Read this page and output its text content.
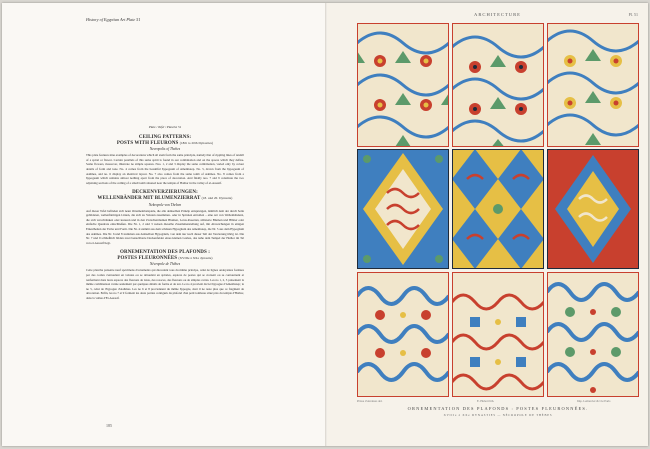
History of Egyptian Art Plate 51
Plate / Tafel / Planche 51
CEILING PATTERNS:
POSTS WITH FLEURONS (18th to 20th Dynasties)
Necropolis of Thebes
This plate features nine examples of decorations which all stem from the same principle, namely that of rippling lines of tendril of a spiral or flower. Certain parallels of this same spirit is found in our combination and on the spaces which they define. Some flowers, moreover, illustrate no simple squares. Nos. 1, 2 and 3 display the same combination, varied only by colour details of form and tone. No. 4 comes from the beautiful hypogeum of Amenhotep. No. 5, drawn from the hypogeum of Aahmes, and no. 6 display an identical layout. No. 7 also comes from the same tomb of Aahmes. No. 8 comes from a hypogeum which remains almost nothing apart from the piece of decoration. And finally nos. 7 and 9 constitute the two adjoining sections of the ceiling of a small tomb situated near the temple of Hathor in the valley of el-Assasif.
DECKENVERZIERUNGEN:
WELLENBÄNDER MIT BLUMENZIERRAT (18. und 20. Dynastie)
Nekropole von Theben
Auf dieser Tafel befinden sich neun Ornamentbeispiele, die alle demselben Prinzip entsprungen, nämlich dem der durch Seile gebildeten, wellenförmigen Linien, die sich zu Voluten zusammen- oder in Spiralen entrollen – eine Art von Wellenbändern, die sich verschränken oder kreuzen und in den Zwischenräumen Blumen, Lotus-Rosetten, stilisierte Blumen und Blätter oder einfache Quadrate einschließen. Die Nr. 1, 2 und 3 weisen dieselbe Zusammenstellung auf, mit Abweichungen in einigen Einzelheiten der Farbe und Form. Die Nr. 4 stammt aus dem schönen Hypogäum des Amenhotep, die Nr. 5 aus dem Hypogäum des Aahmes. Die Nr. 6 und 8 stammen aus demselben Hypogäum, von dem nur noch dieser Teil der Verzierung übrig ist. Die Nr. 7 und 9 schließlich bilden zwei benachbarte Deckenfelder eines kleinen Grabes, das nahe dem Tempel der Hathor im Tal von el-Assasif liegt.
ORNEMENTATION DES PLAFONDS :
POSTES FLEURONNÉES (XVIIIe à XXe dynastie)
Nécropole de Thèbes
Cette planche présente neuf spécimens d'ornements qui découlent tous du même principe, celui de lignes ondoyantes formées par des cordes s'enroulant en volutes ou se déroulant en spirales, espèces de postes qui se croisent ou se contournent et renferment dans leurs espaces des fleurons de lotus, des rosaces, des fleurons ou de simples carrés. Les no 1, 2, 3 présentent la même combinaison variée seulement par quelques détails de forme et de ton. Le no 4 provient du bel hypogée d'Amenhotep; le no 5, celui de l'hypogée d'Aahmes. Les no 6 et 8 proviennent du même hypogée, dont il ne reste plus que ce fragment de décoration. Enfin, les no 7 et 9 forment les deux parties contiguës du plafond d'un petit tombeau situé près du temple d'Hathor, dans la vallée d'El-Assasif.
185
ARCHITECTURE	Pl. 51
Prisse d'Avennes del.	E. Hubert lith.	Imp. Lemercier & Cie Paris
ORNEMENTATION DES PLAFONDS : POSTES FLEURONNÉES.
XVIIIe à XXe DYNASTIES — NÉCROPOLE DE THÈBES
